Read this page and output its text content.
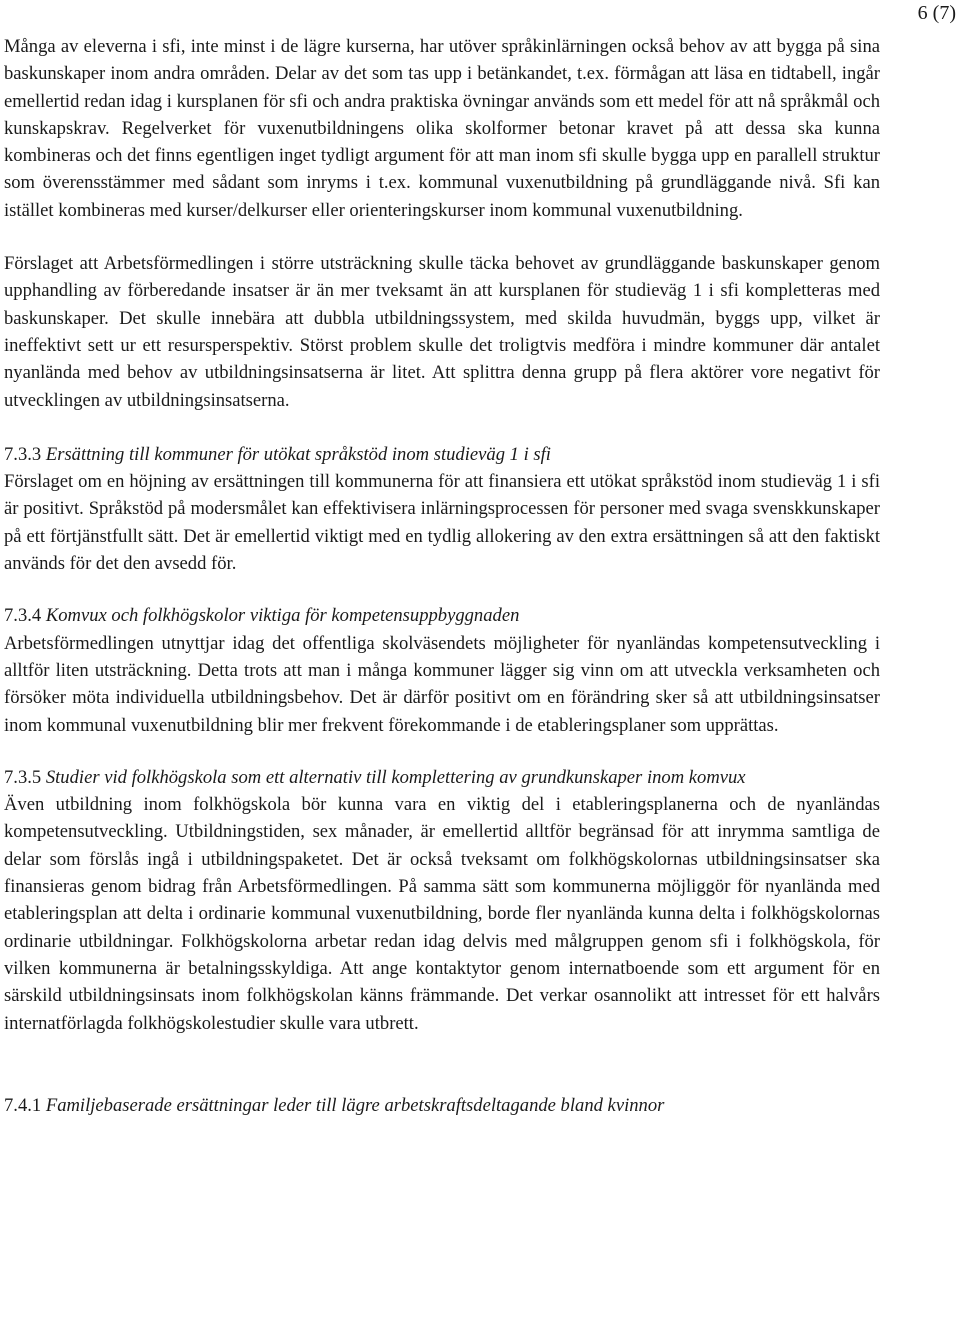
6 (7)

Många av eleverna i sfi, inte minst i de lägre kurserna, har utöver språkinlärningen också behov av att bygga på sina baskunskaper inom andra områden. Delar av det som tas upp i betänkandet, t.ex. förmågan att läsa en tidtabell, ingår emellertid redan idag i kursplanen för sfi och andra praktiska övningar används som ett medel för att nå språkmål och kunskapskrav. Regelverket för vuxenutbildningens olika skolformer betonar kravet på att dessa ska kunna kombineras och det finns egentligen inget tydligt argument för att man inom sfi skulle bygga upp en parallell struktur som överensstämmer med sådant som inryms i t.ex. kommunal vuxenutbildning på grundläggande nivå. Sfi kan istället kombineras med kurser/delkurser eller orienteringskurser inom kommunal vuxenutbildning.

Förslaget att Arbetsförmedlingen i större utsträckning skulle täcka behovet av grundläggande baskunskaper genom upphandling av förberedande insatser är än mer tveksamt än att kursplanen för studieväg 1 i sfi kompletteras med baskunskaper. Det skulle innebära att dubbla utbildningssystem, med skilda huvudmän, byggs upp, vilket är ineffektivt sett ur ett resursperspektiv. Störst problem skulle det troligtvis medföra i mindre kommuner där antalet nyanlända med behov av utbildningsinsatserna är litet. Att splittra denna grupp på flera aktörer vore negativt för utvecklingen av utbildningsinsatserna.

7.3.3 Ersättning till kommuner för utökat språkstöd inom studieväg 1 i sfi

Förslaget om en höjning av ersättningen till kommunerna för att finansiera ett utökat språkstöd inom studieväg 1 i sfi är positivt. Språkstöd på modersmålet kan effektivisera inlärningsprocessen för personer med svaga svenskkunskaper på ett förtjänstfullt sätt. Det är emellertid viktigt med en tydlig allokering av den extra ersättningen så att den faktiskt används för det den avsedd för.

7.3.4 Komvux och folkhögskolor viktiga för kompetensuppbyggnaden

Arbetsförmedlingen utnyttjar idag det offentliga skolväsendets möjligheter för nyanländas kompetensutveckling i alltför liten utsträckning. Detta trots att man i många kommuner lägger sig vinn om att utveckla verksamheten och försöker möta individuella utbildningsbehov. Det är därför positivt om en förändring sker så att utbildningsinsatser inom kommunal vuxenutbildning blir mer frekvent förekommande i de etableringsplaner som upprättas.

7.3.5 Studier vid folkhögskola som ett alternativ till komplettering av grundkunskaper inom komvux

Även utbildning inom folkhögskola bör kunna vara en viktig del i etableringsplanerna och de nyanländas kompetensutveckling. Utbildningstiden, sex månader, är emellertid alltför begränsad för att inrymma samtliga de delar som förslås ingå i utbildningspaketet. Det är också tveksamt om folkhögskolornas utbildningsinsatser ska finansieras genom bidrag från Arbetsförmedlingen. På samma sätt som kommunerna möjliggör för nyanlända med etableringsplan att delta i ordinarie kommunal vuxenutbildning, borde fler nyanlända kunna delta i folkhögskolornas ordinarie utbildningar. Folkhögskolorna arbetar redan idag delvis med målgruppen genom sfi i folkhögskola, för vilken kommunerna är betalningsskyldiga. Att ange kontaktytor genom internatboende som ett argument för en särskild utbildningsinsats inom folkhögskolan känns främmande. Det verkar osannolikt att intresset för ett halvårs internatförlagda folkhögskolestudier skulle vara utbrett.

7.4.1 Familjebaserade ersättningar leder till lägre arbetskraftsdeltagande bland kvinnor
